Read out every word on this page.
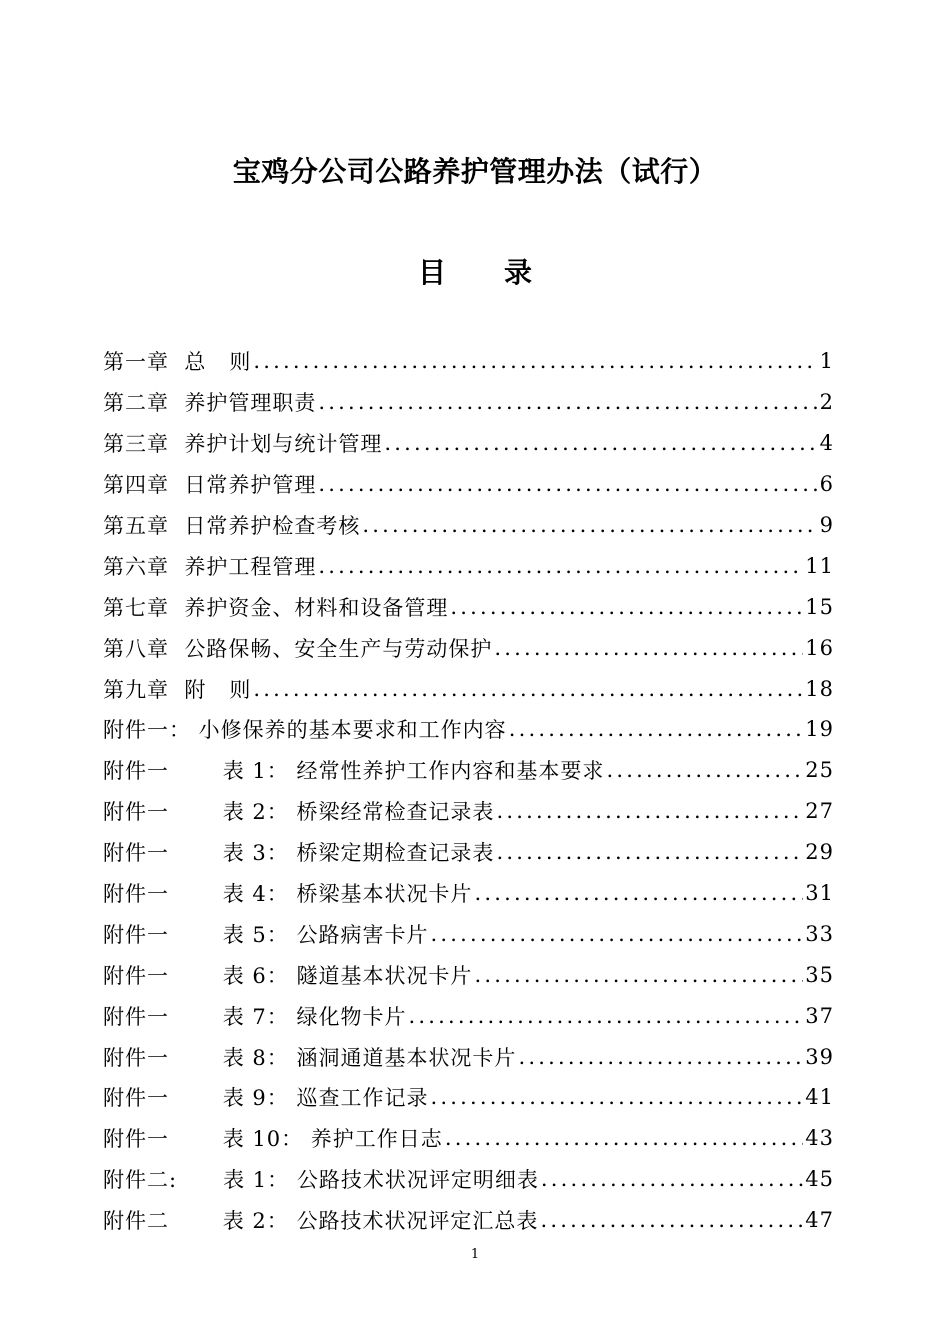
宝鸡分公司公路养护管理办法（试行）
目 录
第一章  总   则 .....	1
第二章  养护管理职责 .....	2
第三章  养护计划与统计管理 .....	4
第四章  日常养护管理 .....	6
第五章  日常养护检查考核 .....	9
第六章  养护工程管理 .....	11
第七章  养护资金、材料和设备管理 .....	15
第八章  公路保畅、安全生产与劳动保护 .....	16
第九章  附   则 .....	18
附件一： 小修保养的基本要求和工作内容 .....	19
附件一       表 1： 经常性养护工作内容和基本要求 .....	25
附件一       表 2： 桥梁经常检查记录表 .....	27
附件一       表 3： 桥梁定期检查记录表 .....	29
附件一       表 4： 桥梁基本状况卡片 .....	31
附件一       表 5： 公路病害卡片 .....	33
附件一       表 6： 隧道基本状况卡片 .....	35
附件一       表 7： 绿化物卡片 .....	37
附件一       表 8： 涵洞通道基本状况卡片 .....	39
附件一       表 9： 巡查工作记录 .....	41
附件一       表 10： 养护工作日志 .....	43
附件二:      表 1： 公路技术状况评定明细表 .....	45
附件二       表 2： 公路技术状况评定汇总表 .....	47
1
